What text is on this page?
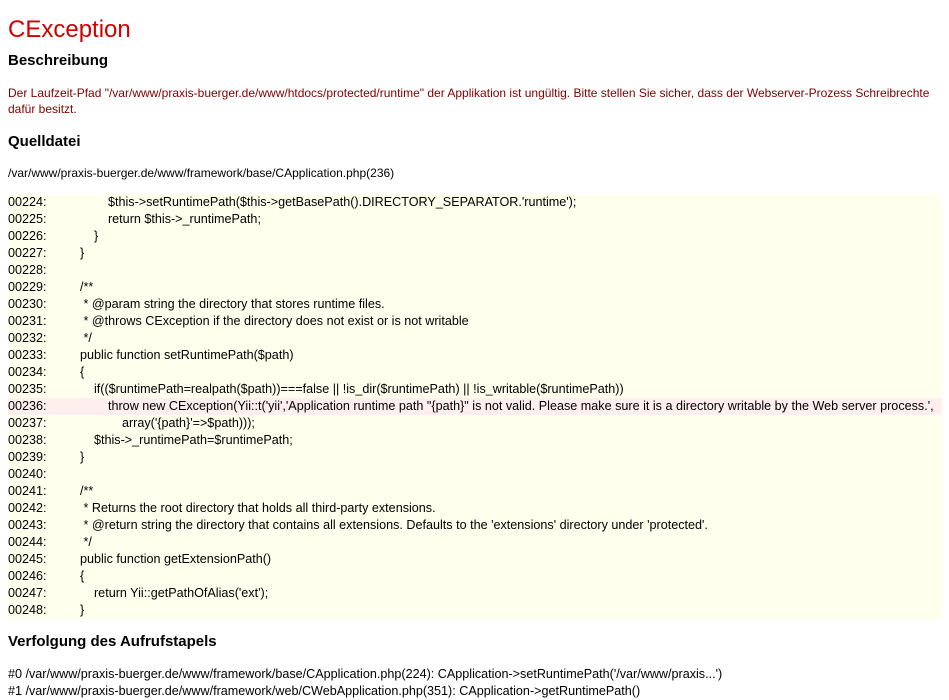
CException
Beschreibung
Der Laufzeit-Pfad "/var/www/praxis-buerger.de/www/htdocs/protected/runtime" der Applikation ist ungültig. Bitte stellen Sie sicher, dass der Webserver-Prozess Schreibrechte dafür besitzt.
Quelldatei
/var/www/praxis-buerger.de/www/framework/base/CApplication.php(236)
00224:            $this->setRuntimePath($this->getBasePath().DIRECTORY_SEPARATOR.'runtime');
00225:            return $this->_runtimePath;
00226:        }
00227:    }
00228:
00229:    /**
00230:     * @param string the directory that stores runtime files.
00231:     * @throws CException if the directory does not exist or is not writable
00232:     */
00233:    public function setRuntimePath($path)
00234:    {
00235:        if(($runtimePath=realpath($path))===false || !is_dir($runtimePath) || !is_writable($runtimePath))
00236:            throw new CException(Yii::t('yii','Application runtime path "{path}" is not valid. Please make sure it is a directory writable by the Web server process.',
00237:                array('{path}'=>$path)));
00238:        $this->_runtimePath=$runtimePath;
00239:    }
00240:
00241:    /**
00242:     * Returns the root directory that holds all third-party extensions.
00243:     * @return string the directory that contains all extensions. Defaults to the 'extensions' directory under 'protected'.
00244:     */
00245:    public function getExtensionPath()
00246:    {
00247:        return Yii::getPathOfAlias('ext');
00248:    }
Verfolgung des Aufrufstapels
#0 /var/www/praxis-buerger.de/www/framework/base/CApplication.php(224): CApplication->setRuntimePath('/var/www/praxis...')
#1 /var/www/praxis-buerger.de/www/framework/web/CWebApplication.php(351): CApplication->getRuntimePath()
